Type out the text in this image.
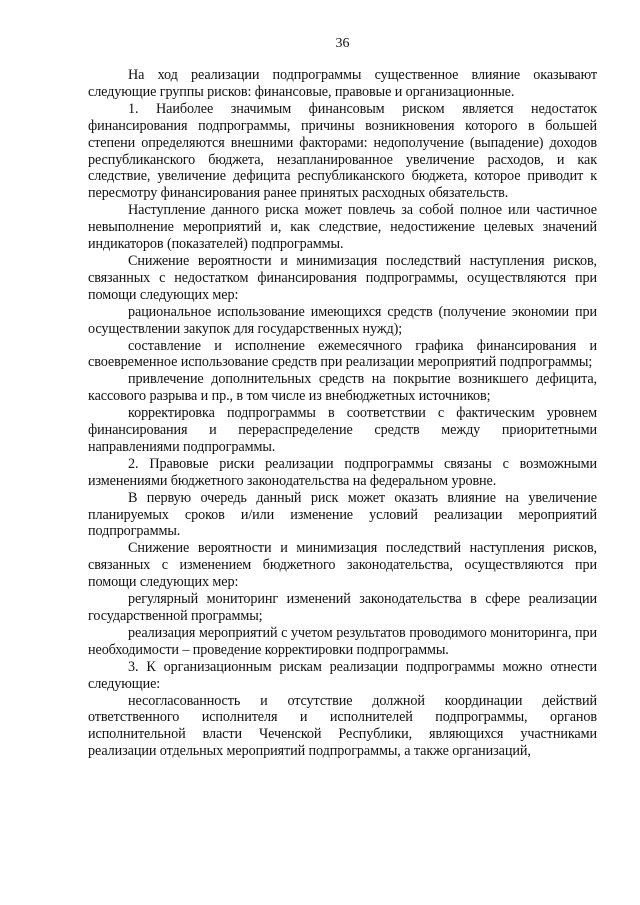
36

На ход реализации подпрограммы существенное влияние оказывают следующие группы рисков: финансовые, правовые и организационные.

1. Наиболее значимым финансовым риском является недостаток финансирования подпрограммы, причины возникновения которого в большей степени определяются внешними факторами: недополучение (выпадение) доходов республиканского бюджета, незапланированное увеличение расходов, и как следствие, увеличение дефицита республиканского бюджета, которое приводит к пересмотру финансирования ранее принятых расходных обязательств.

Наступление данного риска может повлечь за собой полное или частичное невыполнение мероприятий и, как следствие, недостижение целевых значений индикаторов (показателей) подпрограммы.

Снижение вероятности и минимизация последствий наступления рисков, связанных с недостатком финансирования подпрограммы, осуществляются при помощи следующих мер:

рациональное использование имеющихся средств (получение экономии при осуществлении закупок для государственных нужд);

составление и исполнение ежемесячного графика финансирования и своевременное использование средств при реализации мероприятий подпрограммы;

привлечение дополнительных средств на покрытие возникшего дефицита, кассового разрыва и пр., в том числе из внебюджетных источников;

корректировка подпрограммы в соответствии с фактическим уровнем финансирования и перераспределение средств между приоритетными направлениями подпрограммы.

2. Правовые риски реализации подпрограммы связаны с возможными изменениями бюджетного законодательства на федеральном уровне.

В первую очередь данный риск может оказать влияние на увеличение планируемых сроков и/или изменение условий реализации мероприятий подпрограммы.

Снижение вероятности и минимизация последствий наступления рисков, связанных с изменением бюджетного законодательства, осуществляются при помощи следующих мер:

регулярный мониторинг изменений законодательства в сфере реализации государственной программы;

реализация мероприятий с учетом результатов проводимого мониторинга, при необходимости – проведение корректировки подпрограммы.

3. К организационным рискам реализации подпрограммы можно отнести следующие:

несогласованность и отсутствие должной координации действий ответственного исполнителя и исполнителей подпрограммы, органов исполнительной власти Чеченской Республики, являющихся участниками реализации отдельных мероприятий подпрограммы, а также организаций,
